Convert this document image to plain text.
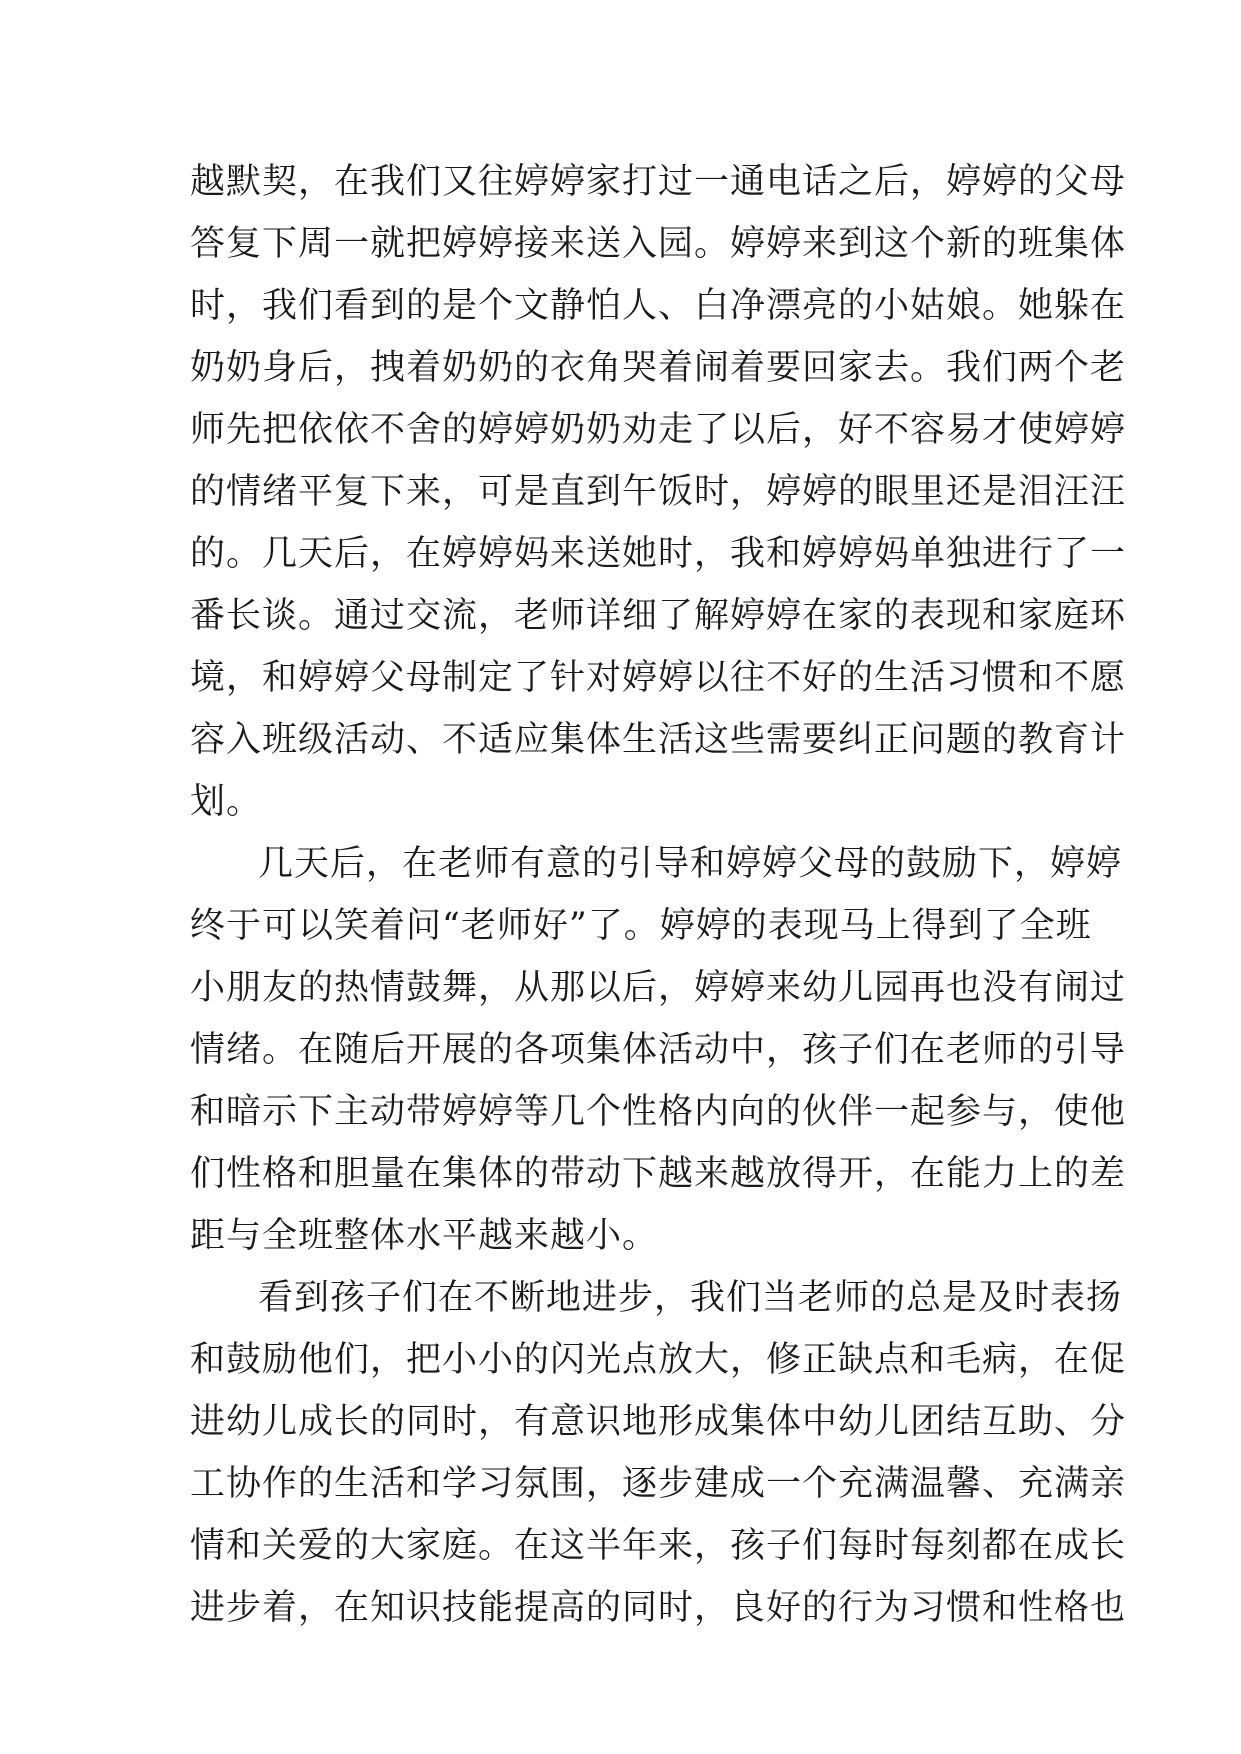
越默契，在我们又往婷婷家打过一通电话之后，婷婷的父母
答复下周一就把婷婷接来送入园。婷婷来到这个新的班集体
时，我们看到的是个文静怕人、白净漂亮的小姑娘。她躲在
奶奶身后，拽着奶奶的衣角哭着闹着要回家去。我们两个老
师先把依依不舍的婷婷奶奶劝走了以后，好不容易才使婷婷
的情绪平复下来，可是直到午饭时，婷婷的眼里还是泪汪汪
的。几天后，在婷婷妈来送她时，我和婷婷妈单独进行了一
番长谈。通过交流，老师详细了解婷婷在家的表现和家庭环
境，和婷婷父母制定了针对婷婷以往不好的生活习惯和不愿
容入班级活动、不适应集体生活这些需要纠正问题的教育计
划。
几天后，在老师有意的引导和婷婷父母的鼓励下，婷婷
终于可以笑着问“老师好”了。婷婷的表现马上得到了全班
小朋友的热情鼓舞，从那以后，婷婷来幼儿园再也没有闹过
情绪。在随后开展的各项集体活动中，孩子们在老师的引导
和暗示下主动带婷婷等几个性格内向的伙伴一起参与，使他
们性格和胆量在集体的带动下越来越放得开，在能力上的差
距与全班整体水平越来越小。
看到孩子们在不断地进步，我们当老师的总是及时表扬
和鼓励他们，把小小的闪光点放大，修正缺点和毛病，在促
进幼儿成长的同时，有意识地形成集体中幼儿团结互助、分
工协作的生活和学习氛围，逐步建成一个充满温馨、充满亲
情和关爱的大家庭。在这半年来，孩子们每时每刻都在成长
进步着，在知识技能提高的同时，良好的行为习惯和性格也
